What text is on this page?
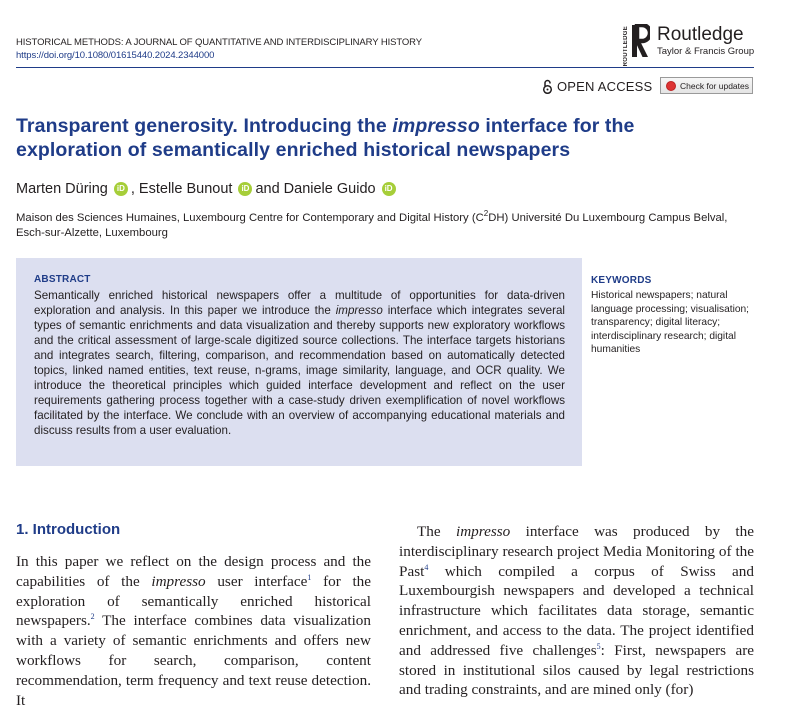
HISTORICAL METHODS: A JOURNAL OF QUANTITATIVE AND INTERDISCIPLINARY HISTORY
https://doi.org/10.1080/01615440.2024.2344000	ROUTLEDGE Routledge
Taylor & Francis Group
OPEN ACCESS	Check for updates
Transparent generosity. Introducing the impresso interface for the exploration of semantically enriched historical newspapers
Marten Düring	iD , Estelle Bunout	iD and Daniele Guido	iD
Maison des Sciences Humaines, Luxembourg Centre for Contemporary and Digital History $(C^2DH)$ Université Du Luxembourg Campus Belval, Esch-sur-Alzette, Luxembourg
ABSTRACT
Semantically enriched historical newspapers offer a multitude of opportunities for data-driven exploration and analysis. In this paper we introduce the impresso interface which integrates several types of semantic enrichments and data visualization and thereby supports new exploratory workflows and the critical assessment of large-scale digitized source collections. The interface targets historians and integrates search, filtering, comparison, and recommendation based on automatically detected topics, linked named entities, text reuse, n-grams, image similarity, language, and OCR quality. We introduce the theoretical principles which guided interface development and reflect on the user requirements gathering process together with a case-study driven exemplification of novel workflows facilitated by the interface. We conclude with an overview of accompanying educational materials and discuss results from a user evaluation.
KEYWORDS
Historical newspapers; natural language processing; visualisation; transparency; digital literacy; interdisciplinary research; digital humanities
1. Introduction
In this paper we reflect on the design process and the capabilities of the impresso user interface$^1$ for the exploration of semantically enriched historical newspapers.$^2$ The interface combines data visualization with a variety of semantic enrichments and offers new workflows for search, comparison, content recommendation, term frequency and text reuse detection. It
The impresso interface was produced by the interdisciplinary research project Media Monitoring of the Past$^4$ which compiled a corpus of Swiss and Luxembourgish newspapers and developed a technical infrastructure which facilitates data storage, semantic enrichment, and access to the data. The project identified and addressed five challenges$^5$: First, newspapers are stored in institutional silos caused by legal restrictions and trading constraints, and are mined only (for)
